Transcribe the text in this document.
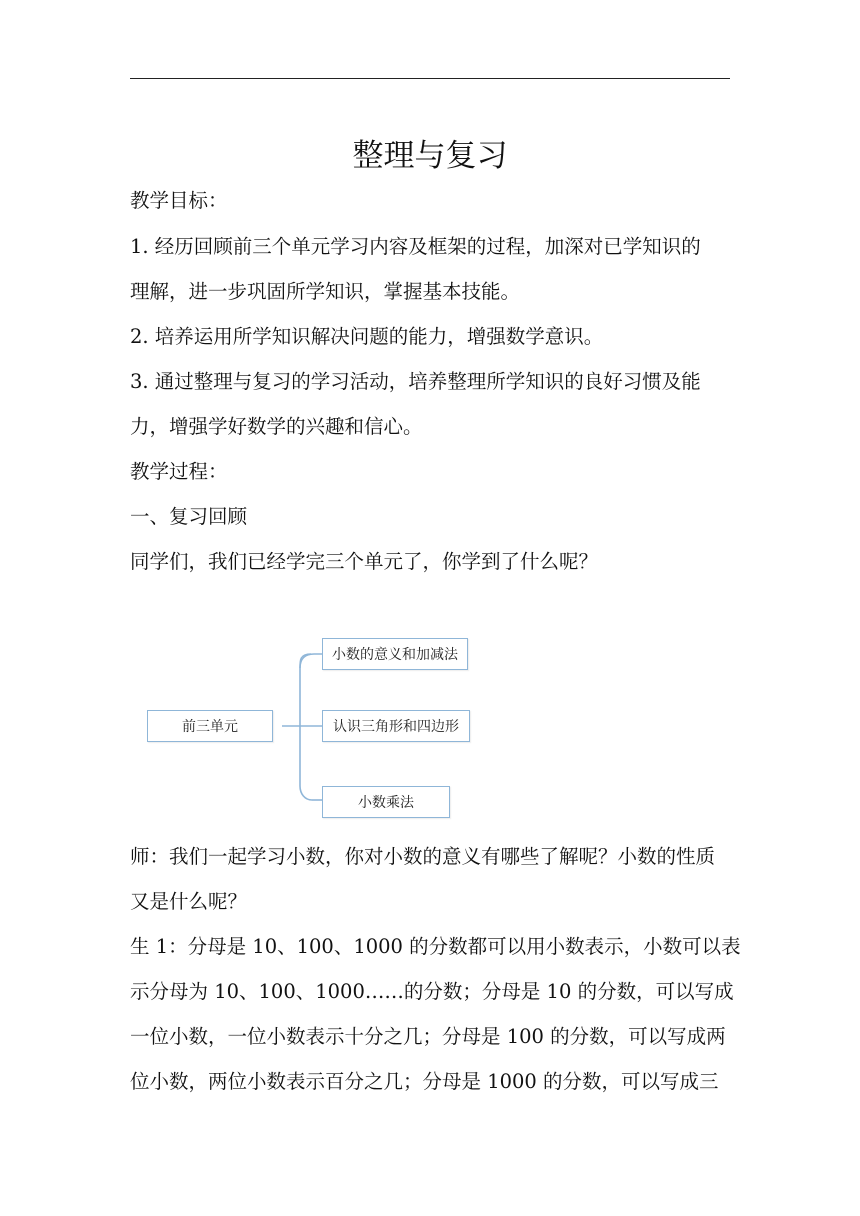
整理与复习

教学目标：

1. 经历回顾前三个单元学习内容及框架的过程，加深对已学知识的

理解，进一步巩固所学知识，掌握基本技能。

2. 培养运用所学知识解决问题的能力，增强数学意识。

3. 通过整理与复习的学习活动，培养整理所学知识的良好习惯及能

力，增强学好数学的兴趣和信心。

教学过程：

一、复习回顾

同学们，我们已经学完三个单元了，你学到了什么呢？

前三单元
小数的意义和加减法
认识三角形和四边形
小数乘法

师：我们一起学习小数，你对小数的意义有哪些了解呢？小数的性质

又是什么呢？

生 1：分母是 10、100、1000 的分数都可以用小数表示，小数可以表

示分母为 10、100、1000……的分数；分母是 10 的分数，可以写成

一位小数，一位小数表示十分之几；分母是 100 的分数，可以写成两

位小数，两位小数表示百分之几；分母是 1000 的分数，可以写成三
